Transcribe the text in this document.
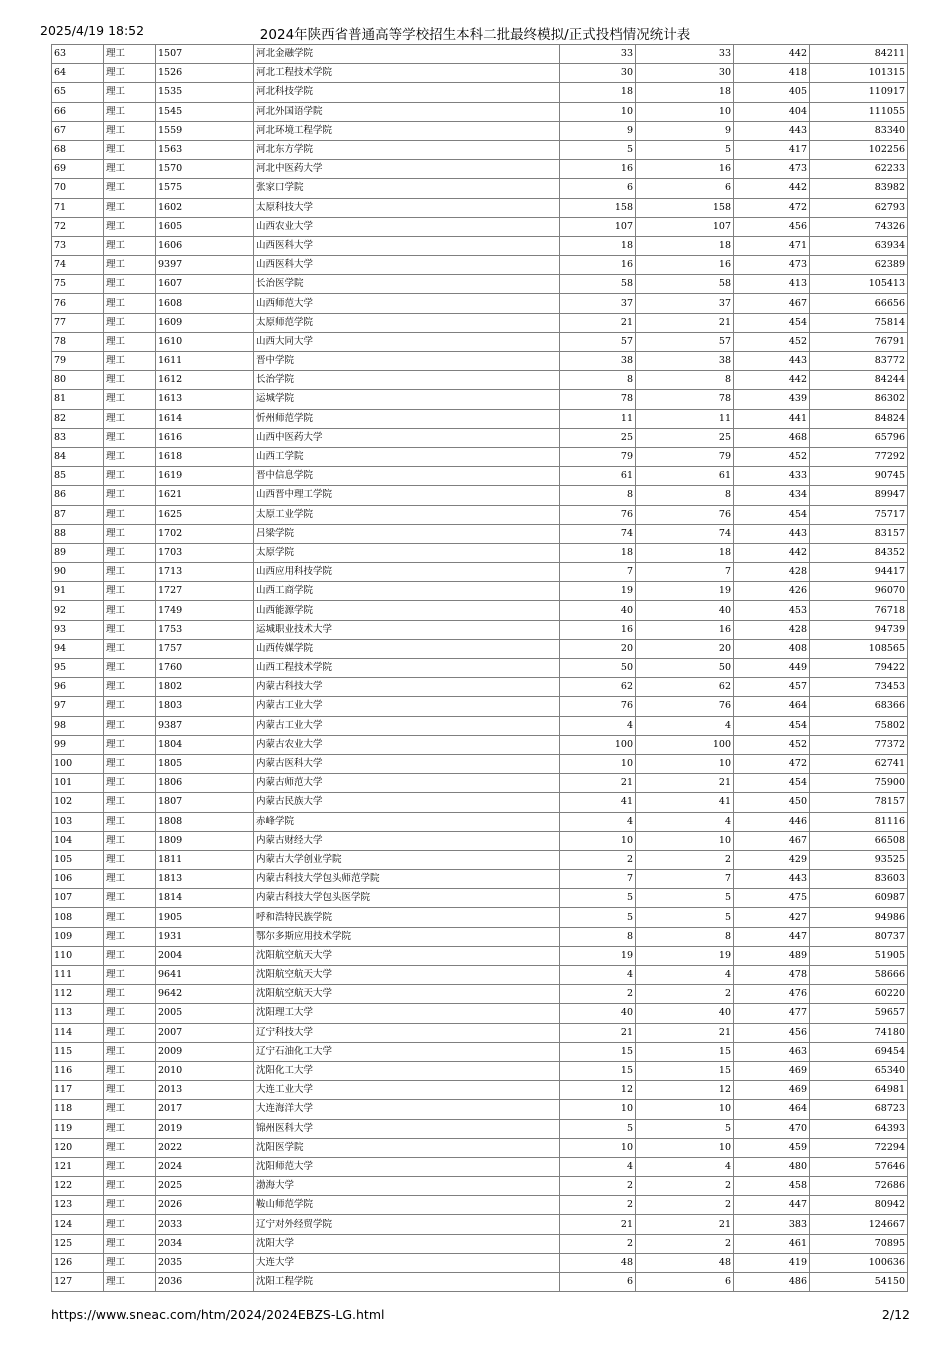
2025/4/19 18:52	2024年陕西省普通高等学校招生本科二批最终模拟/正式投档情况统计表
63	理工	1507	河北金融学院	33	33	442	84211
64	理工	1526	河北工程技术学院	30	30	418	101315
65	理工	1535	河北科技学院	18	18	405	110917
66	理工	1545	河北外国语学院	10	10	404	111055
67	理工	1559	河北环境工程学院	9	9	443	83340
68	理工	1563	河北东方学院	5	5	417	102256
69	理工	1570	河北中医药大学	16	16	473	62233
70	理工	1575	张家口学院	6	6	442	83982
71	理工	1602	太原科技大学	158	158	472	62793
72	理工	1605	山西农业大学	107	107	456	74326
73	理工	1606	山西医科大学	18	18	471	63934
74	理工	9397	山西医科大学	16	16	473	62389
75	理工	1607	长治医学院	58	58	413	105413
76	理工	1608	山西师范大学	37	37	467	66656
77	理工	1609	太原师范学院	21	21	454	75814
78	理工	1610	山西大同大学	57	57	452	76791
79	理工	1611	晋中学院	38	38	443	83772
80	理工	1612	长治学院	8	8	442	84244
81	理工	1613	运城学院	78	78	439	86302
82	理工	1614	忻州师范学院	11	11	441	84824
83	理工	1616	山西中医药大学	25	25	468	65796
84	理工	1618	山西工学院	79	79	452	77292
85	理工	1619	晋中信息学院	61	61	433	90745
86	理工	1621	山西晋中理工学院	8	8	434	89947
87	理工	1625	太原工业学院	76	76	454	75717
88	理工	1702	吕梁学院	74	74	443	83157
89	理工	1703	太原学院	18	18	442	84352
90	理工	1713	山西应用科技学院	7	7	428	94417
91	理工	1727	山西工商学院	19	19	426	96070
92	理工	1749	山西能源学院	40	40	453	76718
93	理工	1753	运城职业技术大学	16	16	428	94739
94	理工	1757	山西传媒学院	20	20	408	108565
95	理工	1760	山西工程技术学院	50	50	449	79422
96	理工	1802	内蒙古科技大学	62	62	457	73453
97	理工	1803	内蒙古工业大学	76	76	464	68366
98	理工	9387	内蒙古工业大学	4	4	454	75802
99	理工	1804	内蒙古农业大学	100	100	452	77372
100	理工	1805	内蒙古医科大学	10	10	472	62741
101	理工	1806	内蒙古师范大学	21	21	454	75900
102	理工	1807	内蒙古民族大学	41	41	450	78157
103	理工	1808	赤峰学院	4	4	446	81116
104	理工	1809	内蒙古财经大学	10	10	467	66508
105	理工	1811	内蒙古大学创业学院	2	2	429	93525
106	理工	1813	内蒙古科技大学包头师范学院	7	7	443	83603
107	理工	1814	内蒙古科技大学包头医学院	5	5	475	60987
108	理工	1905	呼和浩特民族学院	5	5	427	94986
109	理工	1931	鄂尔多斯应用技术学院	8	8	447	80737
110	理工	2004	沈阳航空航天大学	19	19	489	51905
111	理工	9641	沈阳航空航天大学	4	4	478	58666
112	理工	9642	沈阳航空航天大学	2	2	476	60220
113	理工	2005	沈阳理工大学	40	40	477	59657
114	理工	2007	辽宁科技大学	21	21	456	74180
115	理工	2009	辽宁石油化工大学	15	15	463	69454
116	理工	2010	沈阳化工大学	15	15	469	65340
117	理工	2013	大连工业大学	12	12	469	64981
118	理工	2017	大连海洋大学	10	10	464	68723
119	理工	2019	锦州医科大学	5	5	470	64393
120	理工	2022	沈阳医学院	10	10	459	72294
121	理工	2024	沈阳师范大学	4	4	480	57646
122	理工	2025	渤海大学	2	2	458	72686
123	理工	2026	鞍山师范学院	2	2	447	80942
124	理工	2033	辽宁对外经贸学院	21	21	383	124667
125	理工	2034	沈阳大学	2	2	461	70895
126	理工	2035	大连大学	48	48	419	100636
127	理工	2036	沈阳工程学院	6	6	486	54150
https://www.sneac.com/htm/2024/2024EBZS-LG.html	2/12
